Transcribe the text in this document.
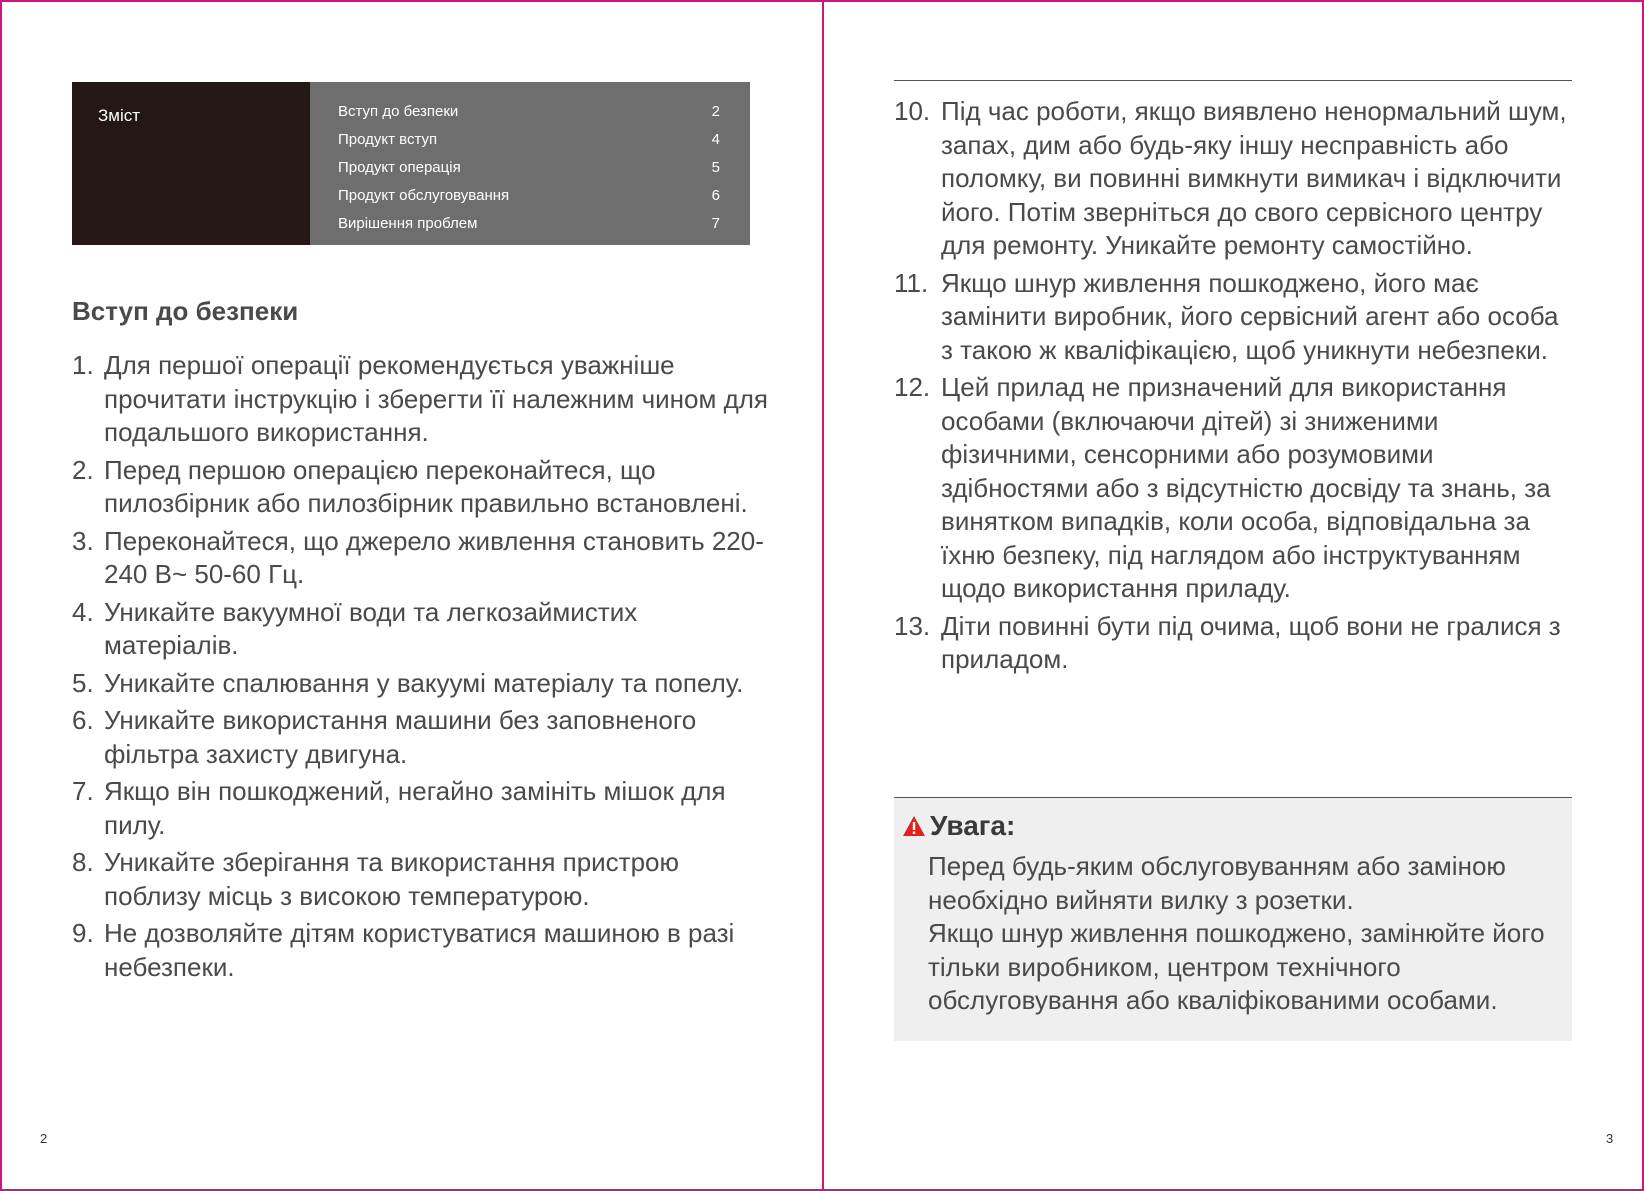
Зміст	Вступ до безпеки	2
Продукт вступ	4
Продукт операція	5
Продукт обслуговування	6
Вирішення проблем	7
Вступ до безпеки
1. Для першої операції рекомендується уважніше прочитати інструкцію і зберегти її належним чином для подальшого використання.
2. Перед першою операцією переконайтеся, що пилозбірник або пилозбірник правильно встановлені.
3. Переконайтеся, що джерело живлення становить 220-240 В~ 50-60 Гц.
4. Уникайте вакуумної води та легкозаймистих матеріалів.
5. Уникайте спалювання у вакуумі матеріалу та попелу.
6. Уникайте використання машини без заповненого фільтра захисту двигуна.
7. Якщо він пошкоджений, негайно замініть мішок для пилу.
8. Уникайте зберігання та використання пристрою поблизу місць з високою температурою.
9. Не дозволяйте дітям користуватися машиною в разі небезпеки.
10. Під час роботи, якщо виявлено ненормальний шум, запах, дим або будь-яку іншу несправність або поломку, ви повинні вимкнути вимикач і відключити його. Потім зверніться до свого сервісного центру для ремонту. Уникайте ремонту самостійно.
11. Якщо шнур живлення пошкоджено, його має замінити виробник, його сервісний агент або особа з такою ж кваліфікацією, щоб уникнути небезпеки.
12. Цей прилад не призначений для використання особами (включаючи дітей) зі зниженими фізичними, сенсорними або розумовими здібностями або з відсутністю досвіду та знань, за винятком випадків, коли особа, відповідальна за їхню безпеку, під наглядом або інструктуванням щодо використання приладу.
13. Діти повинні бути під очима, щоб вони не гралися з приладом.
Увага:

Перед будь-яким обслуговуванням або заміною необхідно вийняти вилку з розетки.

Якщо шнур живлення пошкоджено, замінюйте його тільки виробником, центром технічного обслуговування або кваліфікованими особами.

2	3
